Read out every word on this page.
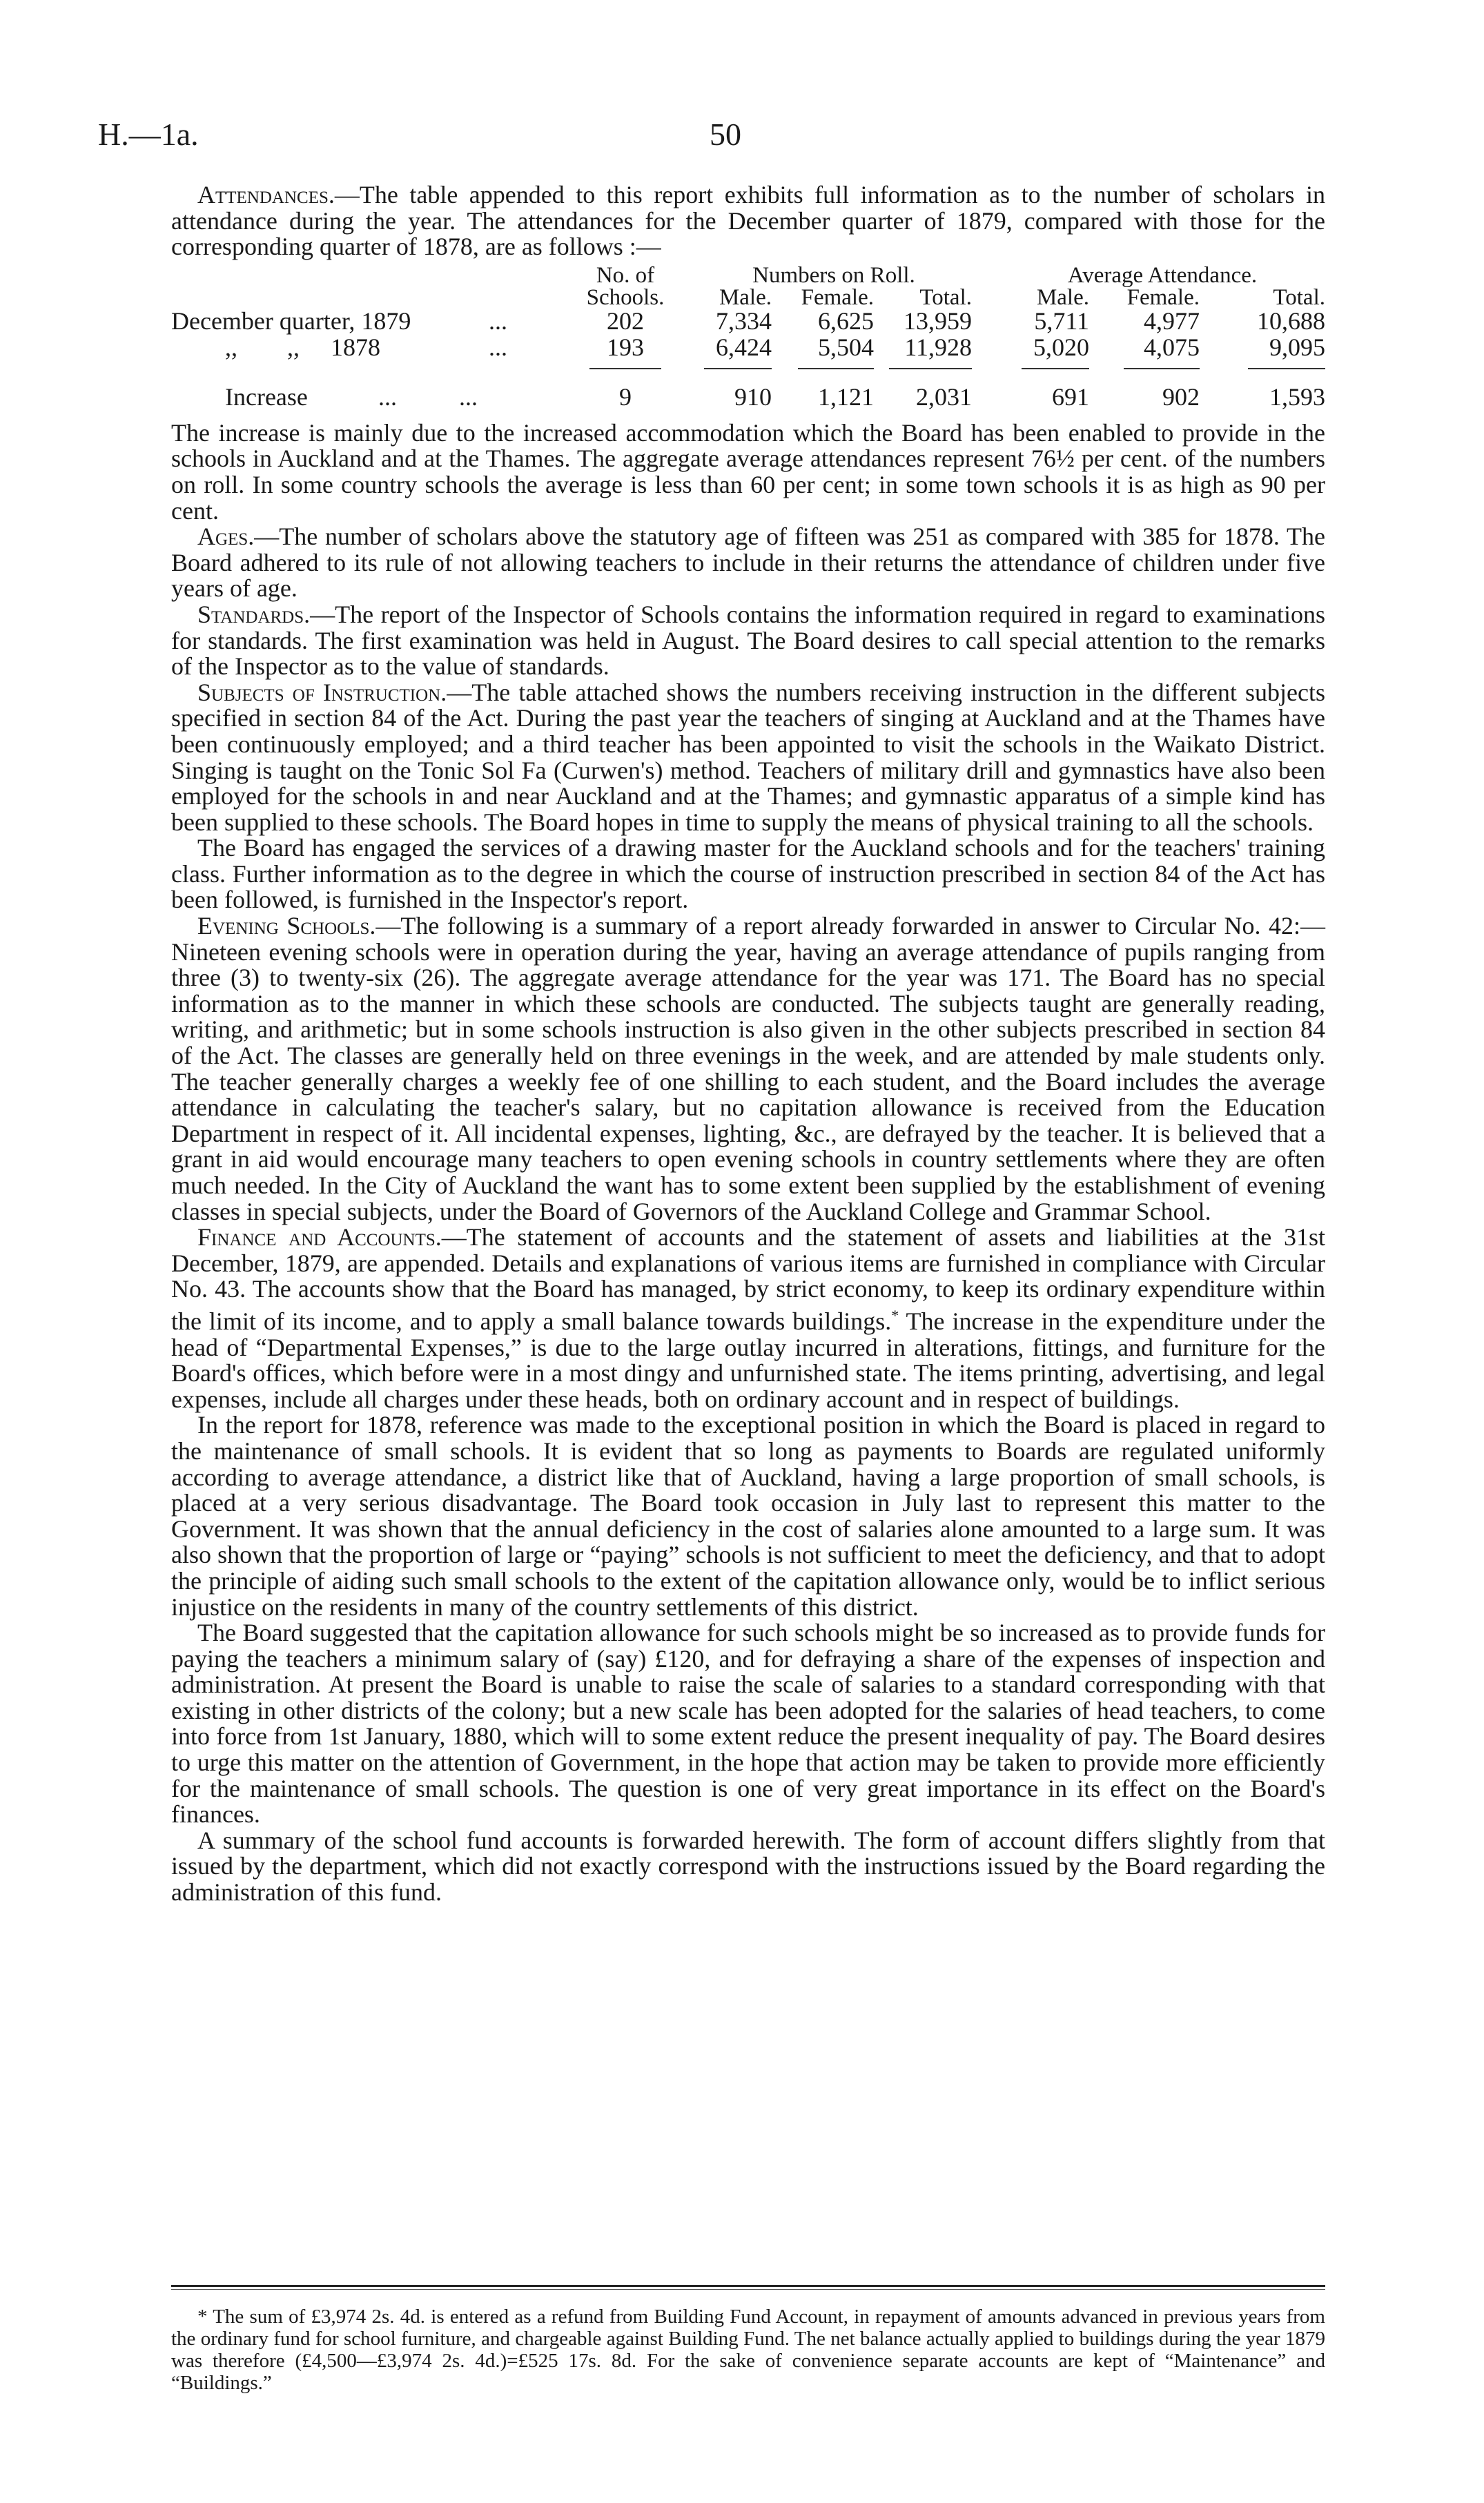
H.—1a.	50

Attendances.—The table appended to this report exhibits full information as to the number of scholars in attendance during the year. The attendances for the December quarter of 1879, compared with those for the corresponding quarter of 1878, are as follows :—

No. of
Schools.
Numbers on Roll.	Average Attendance.
Male.	Female.	Total.	Male.	Female.	Total.
December quarter, 1879	...	202	7,334	6,625	13,959	5,711	4,977	10,688
,,        ,,     1878	...	193	6,424	5,504	11,928	5,020	4,075	9,095
Increase	...          ...	9	910	1,121	2,031	691	902	1,593

The increase is mainly due to the increased accommodation which the Board has been enabled to provide in the schools in Auckland and at the Thames. The aggregate average attendances represent 76½ per cent. of the numbers on roll. In some country schools the average is less than 60 per cent; in some town schools it is as high as 90 per cent.

Ages.—The number of scholars above the statutory age of fifteen was 251 as compared with 385 for 1878. The Board adhered to its rule of not allowing teachers to include in their returns the attendance of children under five years of age.

Standards.—The report of the Inspector of Schools contains the information required in regard to examinations for standards. The first examination was held in August. The Board desires to call special attention to the remarks of the Inspector as to the value of standards.

Subjects of Instruction.—The table attached shows the numbers receiving instruction in the different subjects specified in section 84 of the Act. During the past year the teachers of singing at Auckland and at the Thames have been continuously employed; and a third teacher has been appointed to visit the schools in the Waikato District. Singing is taught on the Tonic Sol Fa (Curwen's) method. Teachers of military drill and gymnastics have also been employed for the schools in and near Auckland and at the Thames; and gymnastic apparatus of a simple kind has been supplied to these schools. The Board hopes in time to supply the means of physical training to all the schools.

The Board has engaged the services of a drawing master for the Auckland schools and for the teachers' training class. Further information as to the degree in which the course of instruction prescribed in section 84 of the Act has been followed, is furnished in the Inspector's report.

Evening Schools.—The following is a summary of a report already forwarded in answer to Circular No. 42:—Nineteen evening schools were in operation during the year, having an average attendance of pupils ranging from three (3) to twenty-six (26). The aggregate average attendance for the year was 171. The Board has no special information as to the manner in which these schools are conducted. The subjects taught are generally reading, writing, and arithmetic; but in some schools instruction is also given in the other subjects prescribed in section 84 of the Act. The classes are generally held on three evenings in the week, and are attended by male students only. The teacher generally charges a weekly fee of one shilling to each student, and the Board includes the average attendance in calculating the teacher's salary, but no capitation allowance is received from the Education Department in respect of it. All incidental expenses, lighting, &c., are defrayed by the teacher. It is believed that a grant in aid would encourage many teachers to open evening schools in country settlements where they are often much needed. In the City of Auckland the want has to some extent been supplied by the establishment of evening classes in special subjects, under the Board of Governors of the Auckland College and Grammar School.

Finance and Accounts.—The statement of accounts and the statement of assets and liabilities at the 31st December, 1879, are appended. Details and explanations of various items are furnished in compliance with Circular No. 43. The accounts show that the Board has managed, by strict economy, to keep its ordinary expenditure within the limit of its income, and to apply a small balance towards buildings.* The increase in the expenditure under the head of “Departmental Expenses,” is due to the large outlay incurred in alterations, fittings, and furniture for the Board's offices, which before were in a most dingy and unfurnished state. The items printing, advertising, and legal expenses, include all charges under these heads, both on ordinary account and in respect of buildings.

In the report for 1878, reference was made to the exceptional position in which the Board is placed in regard to the maintenance of small schools. It is evident that so long as payments to Boards are regulated uniformly according to average attendance, a district like that of Auckland, having a large proportion of small schools, is placed at a very serious disadvantage. The Board took occasion in July last to represent this matter to the Government. It was shown that the annual deficiency in the cost of salaries alone amounted to a large sum. It was also shown that the proportion of large or “paying” schools is not sufficient to meet the deficiency, and that to adopt the principle of aiding such small schools to the extent of the capitation allowance only, would be to inflict serious injustice on the residents in many of the country settlements of this district.

The Board suggested that the capitation allowance for such schools might be so increased as to provide funds for paying the teachers a minimum salary of (say) £120, and for defraying a share of the expenses of inspection and administration. At present the Board is unable to raise the scale of salaries to a standard corresponding with that existing in other districts of the colony; but a new scale has been adopted for the salaries of head teachers, to come into force from 1st January, 1880, which will to some extent reduce the present inequality of pay. The Board desires to urge this matter on the attention of Government, in the hope that action may be taken to provide more efficiently for the maintenance of small schools. The question is one of very great importance in its effect on the Board's finances.

A summary of the school fund accounts is forwarded herewith. The form of account differs slightly from that issued by the department, which did not exactly correspond with the instructions issued by the Board regarding the administration of this fund.

* The sum of £3,974 2s. 4d. is entered as a refund from Building Fund Account, in repayment of amounts advanced in previous years from the ordinary fund for school furniture, and chargeable against Building Fund. The net balance actually applied to buildings during the year 1879 was therefore (£4,500—£3,974 2s. 4d.)=£525 17s. 8d. For the sake of convenience separate accounts are kept of “Maintenance” and “Buildings.”
